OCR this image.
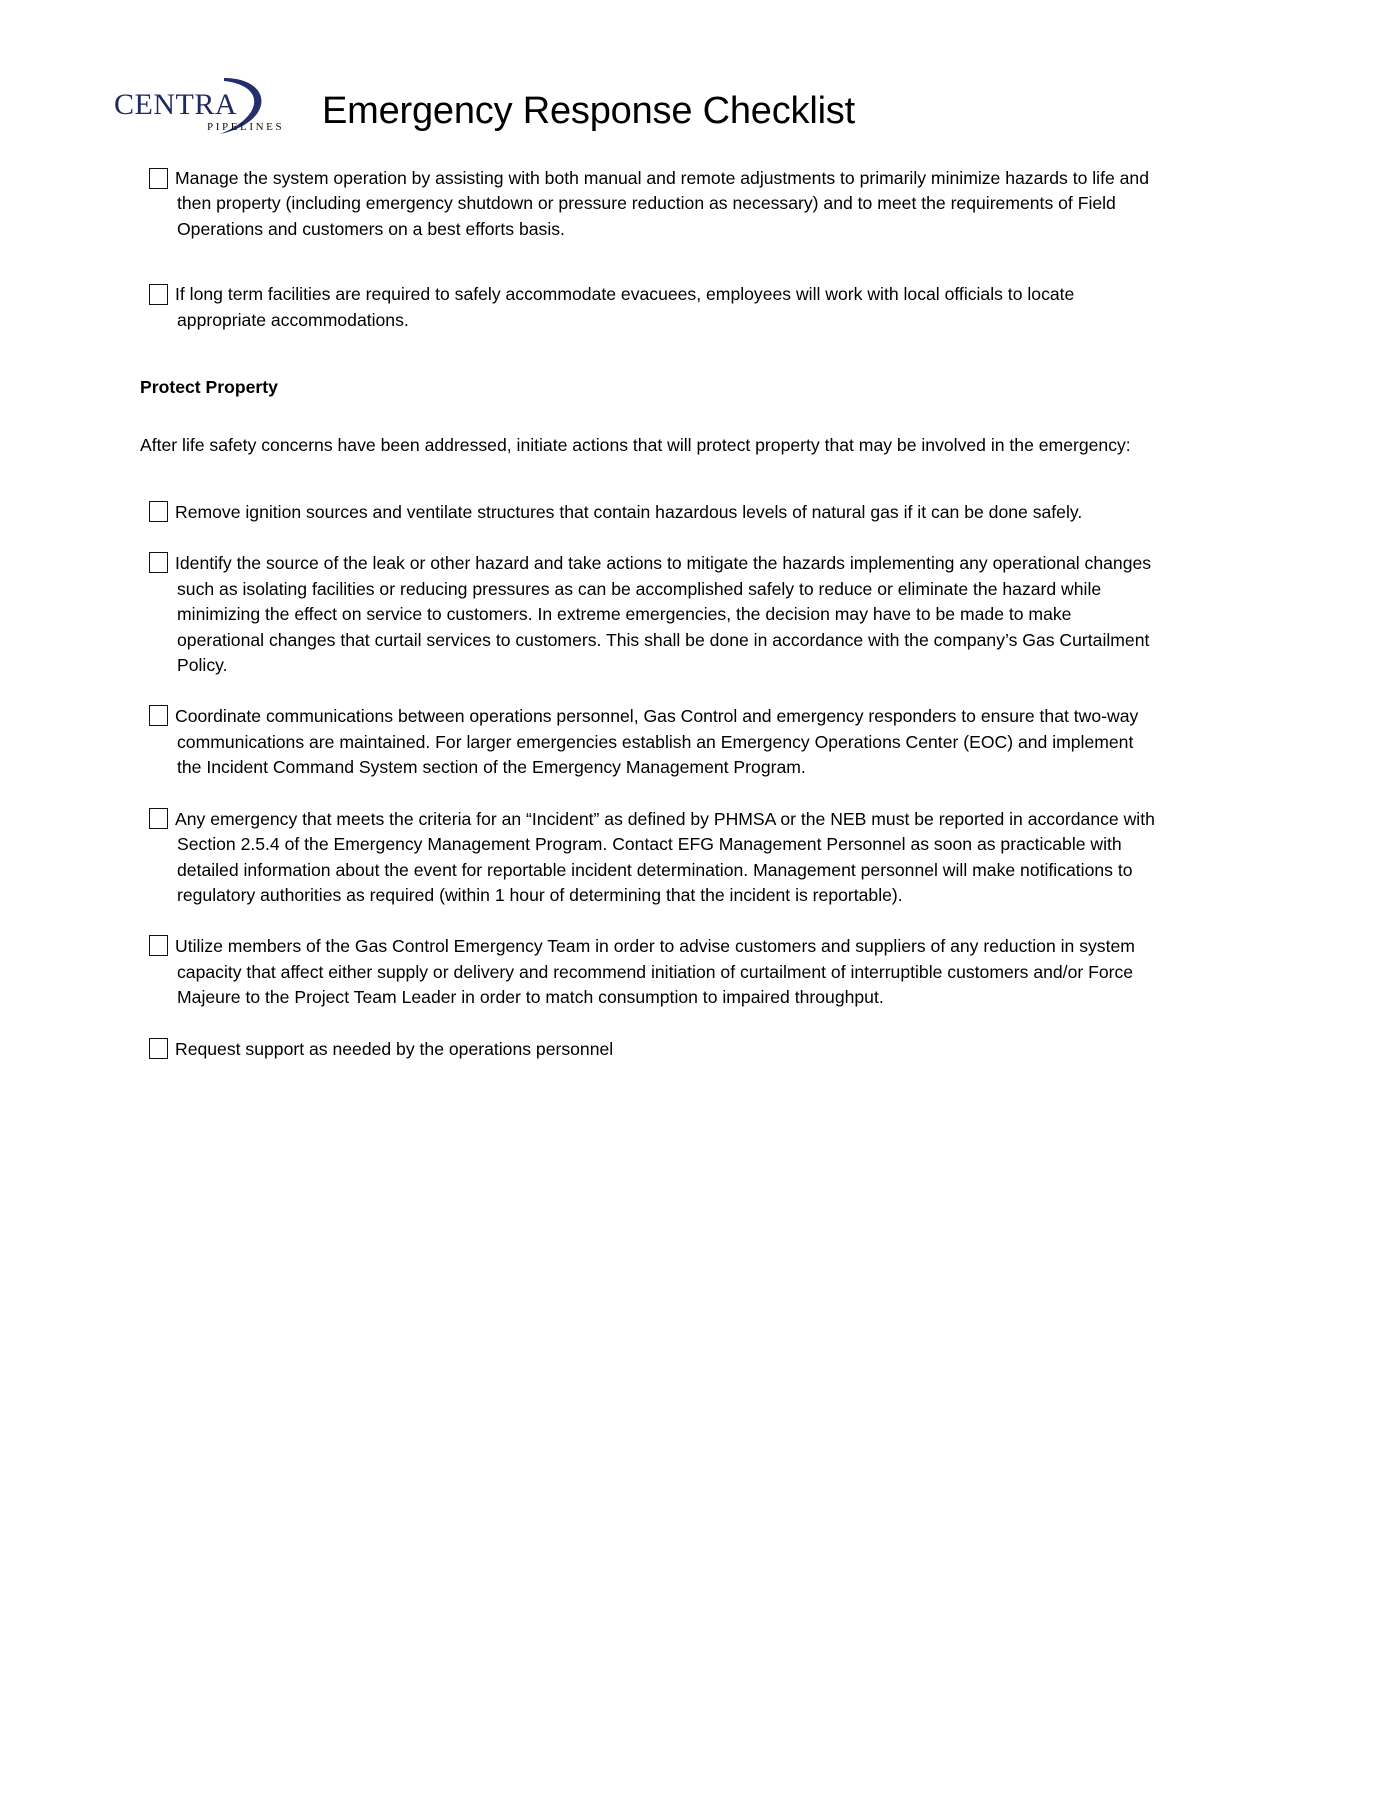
CENTRA
PIPELINES Emergency Response Checklist
Manage the system operation by assisting with both manual and remote adjustments to primarily minimize hazards to life and then property (including emergency shutdown or pressure reduction as necessary) and to meet the requirements of Field Operations and customers on a best efforts basis.
If long term facilities are required to safely accommodate evacuees, employees will work with local officials to locate appropriate accommodations.
Protect Property
After life safety concerns have been addressed, initiate actions that will protect property that may be involved in the emergency:
Remove ignition sources and ventilate structures that contain hazardous levels of natural gas if it can be done safely.
Identify the source of the leak or other hazard and take actions to mitigate the hazards implementing any operational changes such as isolating facilities or reducing pressures as can be accomplished safely to reduce or eliminate the hazard while minimizing the effect on service to customers. In extreme emergencies, the decision may have to be made to make operational changes that curtail services to customers. This shall be done in accordance with the company’s Gas Curtailment Policy.
Coordinate communications between operations personnel, Gas Control and emergency responders to ensure that two-way communications are maintained. For larger emergencies establish an Emergency Operations Center (EOC) and implement the Incident Command System section of the Emergency Management Program.
Any emergency that meets the criteria for an “Incident” as defined by PHMSA or the NEB must be reported in accordance with Section 2.5.4 of the Emergency Management Program. Contact EFG Management Personnel as soon as practicable with detailed information about the event for reportable incident determination. Management personnel will make notifications to regulatory authorities as required (within 1 hour of determining that the incident is reportable).
Utilize members of the Gas Control Emergency Team in order to advise customers and suppliers of any reduction in system capacity that affect either supply or delivery and recommend initiation of curtailment of interruptible customers and/or Force Majeure to the Project Team Leader in order to match consumption to impaired throughput.
Request support as needed by the operations personnel
